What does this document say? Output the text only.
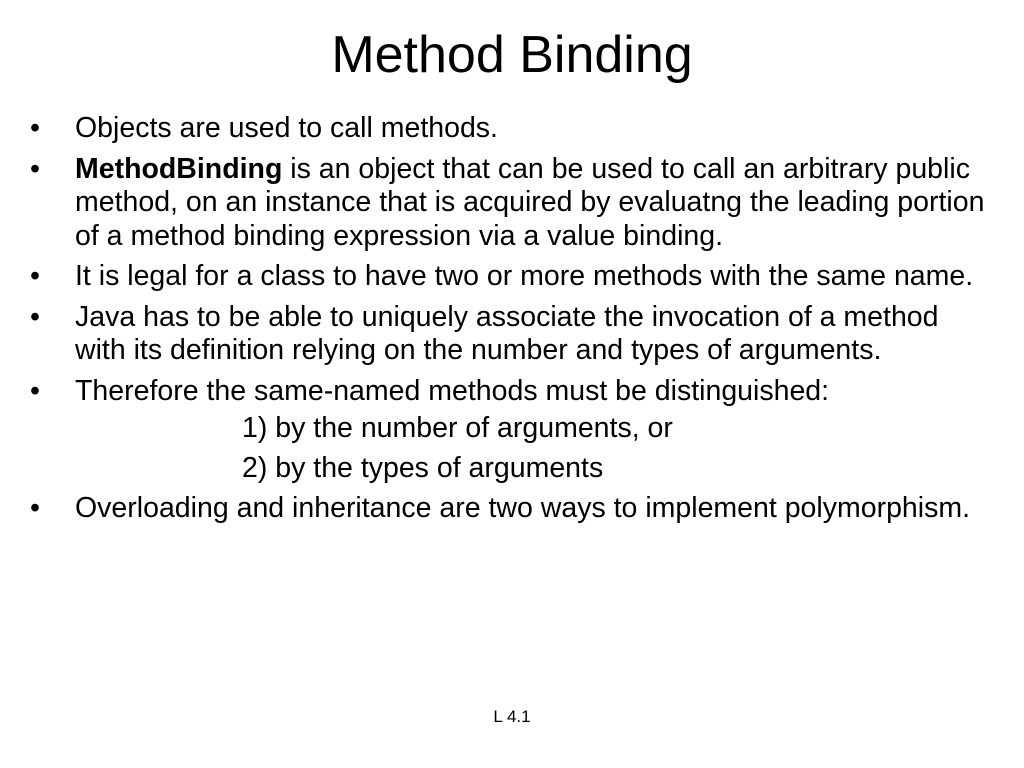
Method Binding
•	Objects are used to call methods.
•	MethodBinding is an object that can be used to call an arbitrary public method, on an instance that is acquired by evaluatng the leading portion of a method binding expression via a value binding.
•	It is legal for a class to have two or more methods with the same name.
•	Java has to be able to uniquely associate the invocation of a method with its definition relying on the number and types of arguments.
•	Therefore the same-named methods must be distinguished:
1) by the number of arguments, or
2) by the types of arguments
•	Overloading and inheritance are two ways to implement polymorphism.
L 4.1
